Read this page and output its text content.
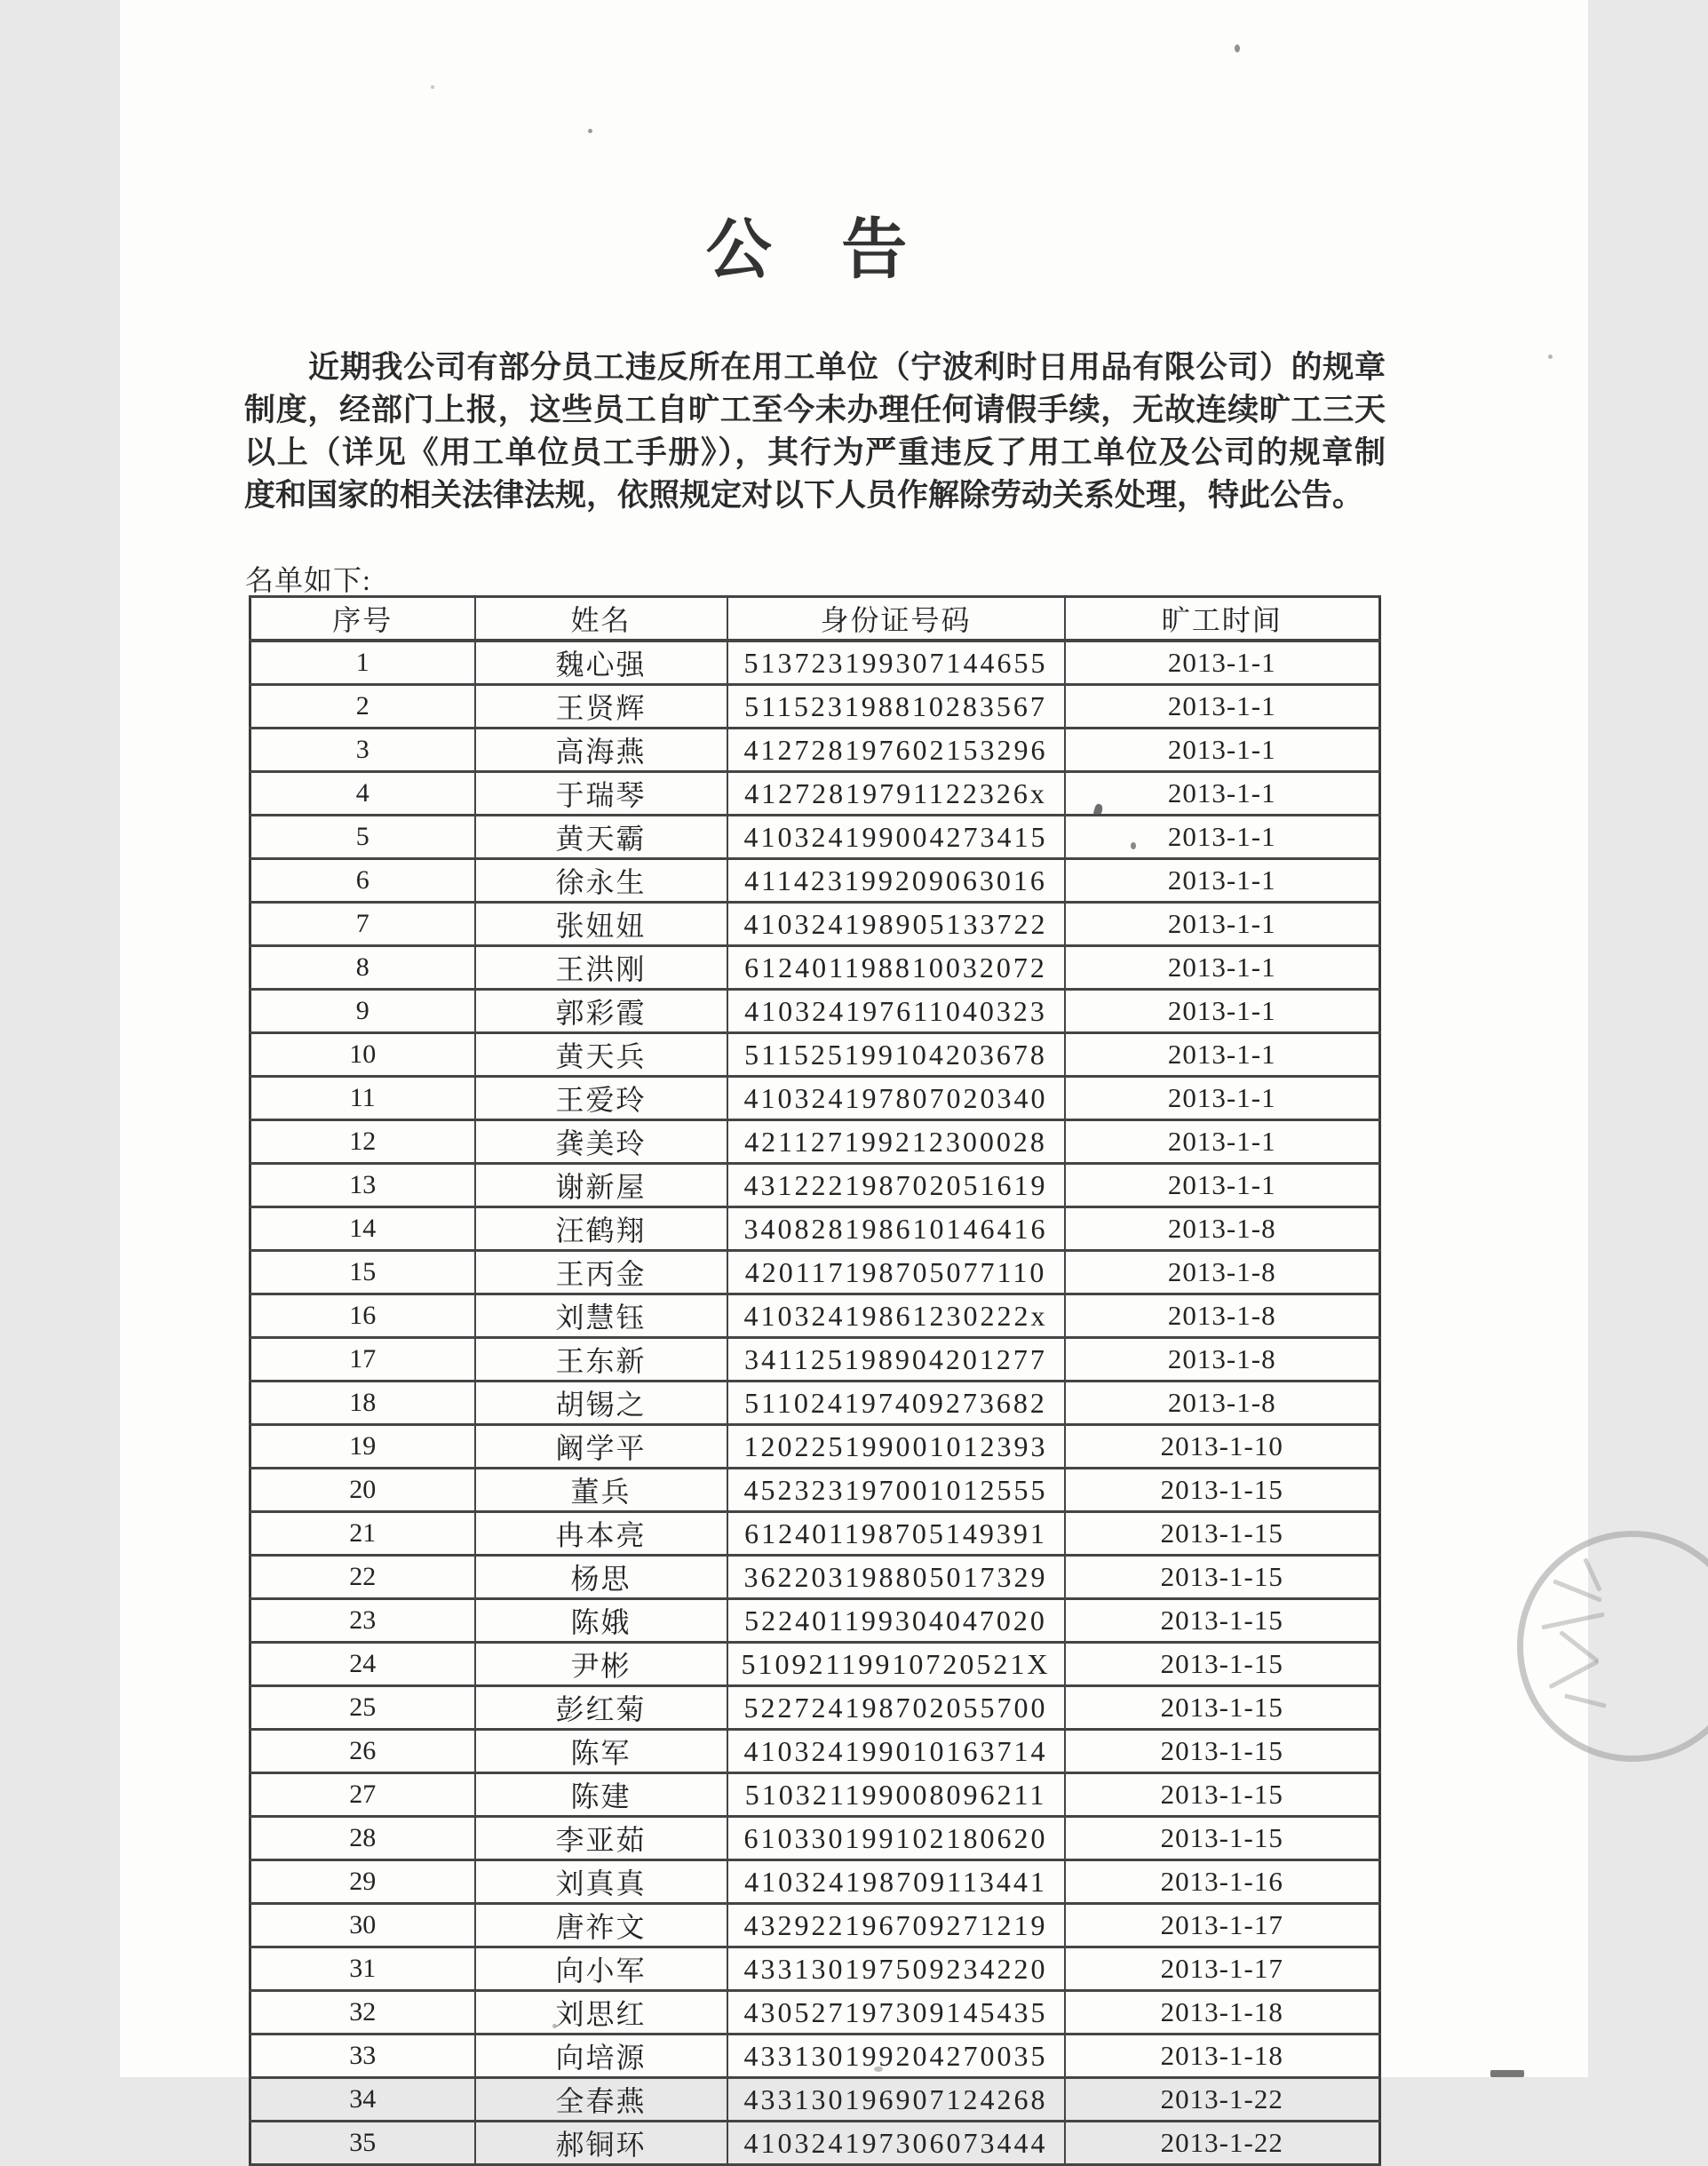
公 告
近期我公司有部分员工违反所在用工单位（宁波利时日用品有限公司）的规章
制度，经部门上报，这些员工自旷工至今未办理任何请假手续，无故连续旷工三天
以上（详见《用工单位员工手册》），其行为严重违反了用工单位及公司的规章制
度和国家的相关法律法规，依照规定对以下人员作解除劳动关系处理，特此公告。
名单如下:
序号	姓名	身份证号码	旷工时间
1	魏心强	513723199307144655	2013-1-1
2	王贤辉	511523198810283567	2013-1-1
3	高海燕	412728197602153296	2013-1-1
4	于瑞琴	41272819791122326x	2013-1-1
5	黄天霸	410324199004273415	2013-1-1
6	徐永生	411423199209063016	2013-1-1
7	张妞妞	410324198905133722	2013-1-1
8	王洪刚	612401198810032072	2013-1-1
9	郭彩霞	410324197611040323	2013-1-1
10	黄天兵	511525199104203678	2013-1-1
11	王爱玲	410324197807020340	2013-1-1
12	龚美玲	421127199212300028	2013-1-1
13	谢新屋	431222198702051619	2013-1-1
14	汪鹤翔	340828198610146416	2013-1-8
15	王丙金	420117198705077110	2013-1-8
16	刘慧钰	41032419861230222x	2013-1-8
17	王东新	341125198904201277	2013-1-8
18	胡锡之	511024197409273682	2013-1-8
19	阚学平	120225199001012393	2013-1-10
20	董兵	452323197001012555	2013-1-15
21	冉本亮	612401198705149391	2013-1-15
22	杨思	362203198805017329	2013-1-15
23	陈娥	522401199304047020	2013-1-15
24	尹彬	51092119910720521X	2013-1-15
25	彭红菊	522724198702055700	2013-1-15
26	陈军	410324199010163714	2013-1-15
27	陈建	510321199008096211	2013-1-15
28	李亚茹	610330199102180620	2013-1-15
29	刘真真	410324198709113441	2013-1-16
30	唐祚文	432922196709271219	2013-1-17
31	向小军	433130197509234220	2013-1-17
32	刘思红	430527197309145435	2013-1-18
33	向培源	433130199204270035	2013-1-18
34	全春燕	433130196907124268	2013-1-22
35	郝铜环	410324197306073444	2013-1-22
